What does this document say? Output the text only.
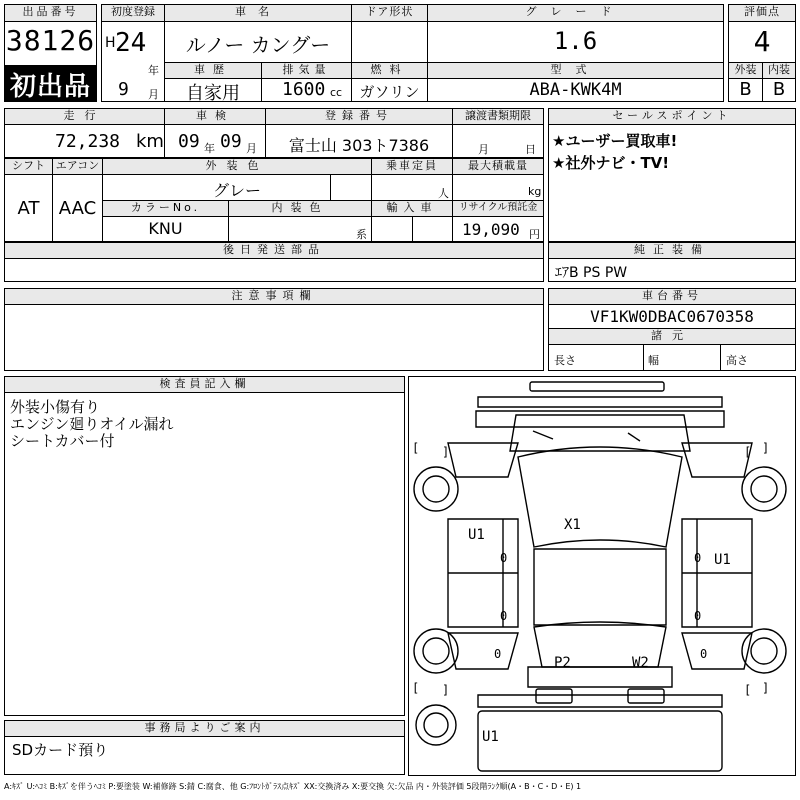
出品番号
38126
初出品
初度登録
H 24
年
9 月
車名
ルノー カングー
ドア形状	グレード
1.6
車歴
自家用
排気量
1600 cc
燃料
ガソリン
型式
ABA-KWK4M
評価点
4
外装	内装
B	B
走行
72,238 km
車検
09 年 09 月
登録番号
富士山 303ト7386
譲渡書類期限
月	日
シフト
AT
エアコン
AAC
外装色
グレー
乗車定員
人
最大積載量
kg
カラーNo.
KNU
内装色
系
輸入車	リサイクル預託金
19,090 円
後日発送部品
セールスポイント
★ユーザー買取車!
★社外ナビ・TV!
純正装備
ｴｱB PS PW
注意事項欄	車台番号
VF1KW0DBAC0670358
諸元
長さ	幅	高さ
検査員記入欄
外装小傷有り
エンジン廻りオイル漏れ
シートカバー付
事務局よりご案内
SDカード預り
[	]
[	]
[
]
[
]
U1
X1
U1
P2	W2
U1
0
0
0
0
0	0
A:ｷｽﾞ U:ﾍｺﾐ B:ｷｽﾞを伴うﾍｺﾐ P:要塗装 W:補修跡 S:錆 C:腐食、他 G:ﾌﾛﾝﾄｶﾞﾗｽ点ｷｽﾞ XX:交換済み X:要交換 欠:欠品 内・外装評価 5段階ﾗﾝｸ順(A・B・C・D・E) 1
